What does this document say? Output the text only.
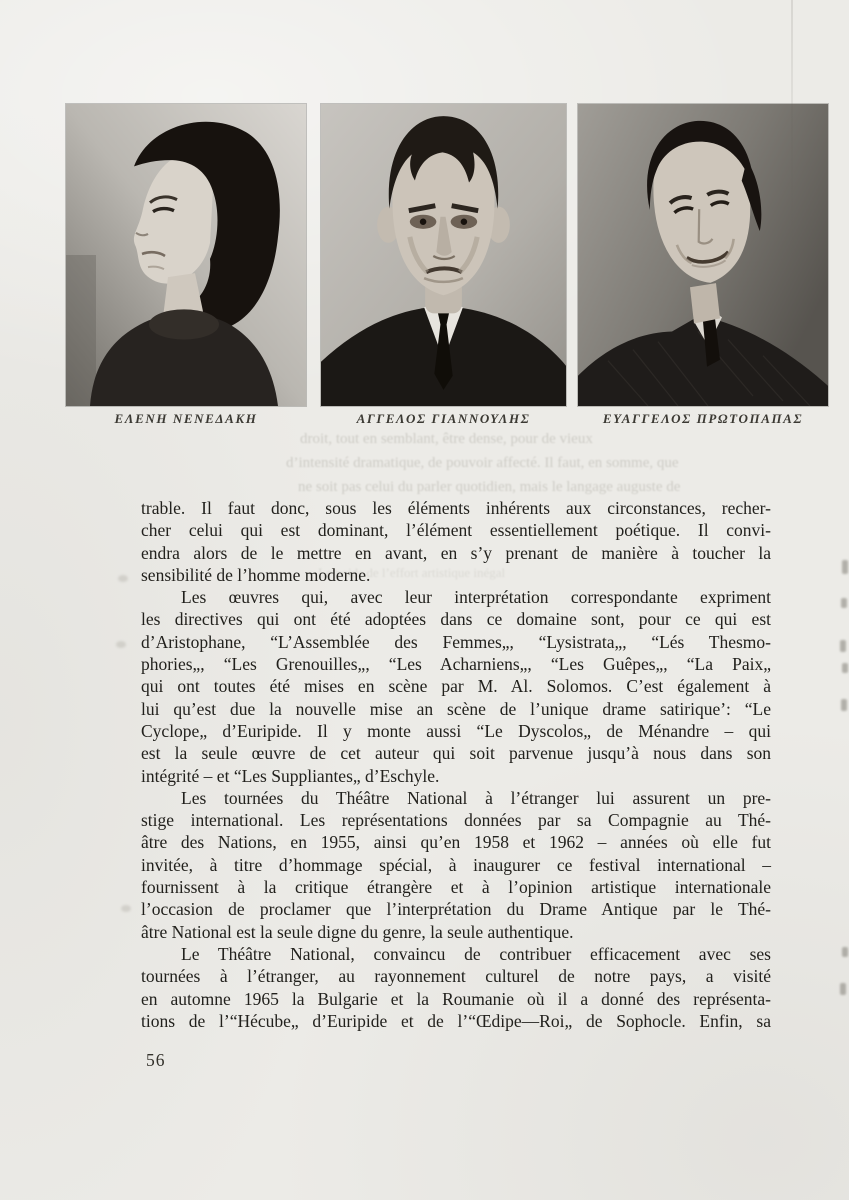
ΕΛΕΝΗ ΝΕΝΕΔΑΚΗ	ΑΓΓΕΛΟΣ ΓΙΑΝΝΟΥΛΗΣ	ΕΥΑΓΓΕΛΟΣ ΠΡΩΤΟΠΑΠΑΣ
droit, tout en semblant, être dense, pour de vieux
d’intensité dramatique, de pouvoir affecté. Il faut, en somme, que
ne soit pas celui du parler quotidien, mais le langage auguste de
Le poids de l’effort artistique inégal
trable. Il faut donc, sous les éléments inhérents aux circonstances, recher-
cher celui qui est dominant, l’élément essentiellement poétique. Il convi-
endra alors de le mettre en avant, en s’y prenant de manière à toucher la
sensibilité de l’homme moderne.
Les œuvres qui, avec leur interprétation correspondante expriment
les directives qui ont été adoptées dans ce domaine sont, pour ce qui est
d’Aristophane, “L’Assemblée des Femmes„, “Lysistrata„, “Lés Thesmo-
phories„, “Les Grenouilles„, “Les Acharniens„, “Les Guêpes„, “La Paix„
qui ont toutes été mises en scène par M. Al. Solomos. C’est également à
lui qu’est due la nouvelle mise an scène de l’unique drame satirique’: “Le
Cyclope„ d’Euripide. Il y monte aussi “Le Dyscolos„ de Ménandre – qui
est la seule œuvre de cet auteur qui soit parvenue jusqu’à nous dans son
intégrité – et “Les Suppliantes„ d’Eschyle.
Les tournées du Théâtre National à l’étranger lui assurent un pre-
stige international. Les représentations données par sa Compagnie au Thé-
âtre des Nations, en 1955, ainsi qu’en 1958 et 1962 – années où elle fut
invitée, à titre d’hommage spécial, à inaugurer ce festival international –
fournissent à la critique étrangère et à l’opinion artistique internationale
l’occasion de proclamer que l’interprétation du Drame Antique par le Thé-
âtre National est la seule digne du genre, la seule authentique.
Le Théâtre National, convaincu de contribuer efficacement avec ses
tournées à l’étranger, au rayonnement culturel de notre pays, a visité
en automne 1965 la Bulgarie et la Roumanie où il a donné des représenta-
tions de l’“Hécube„ d’Euripide et de l’“Œdipe—Roi„ de Sophocle. Enfin, sa
56
